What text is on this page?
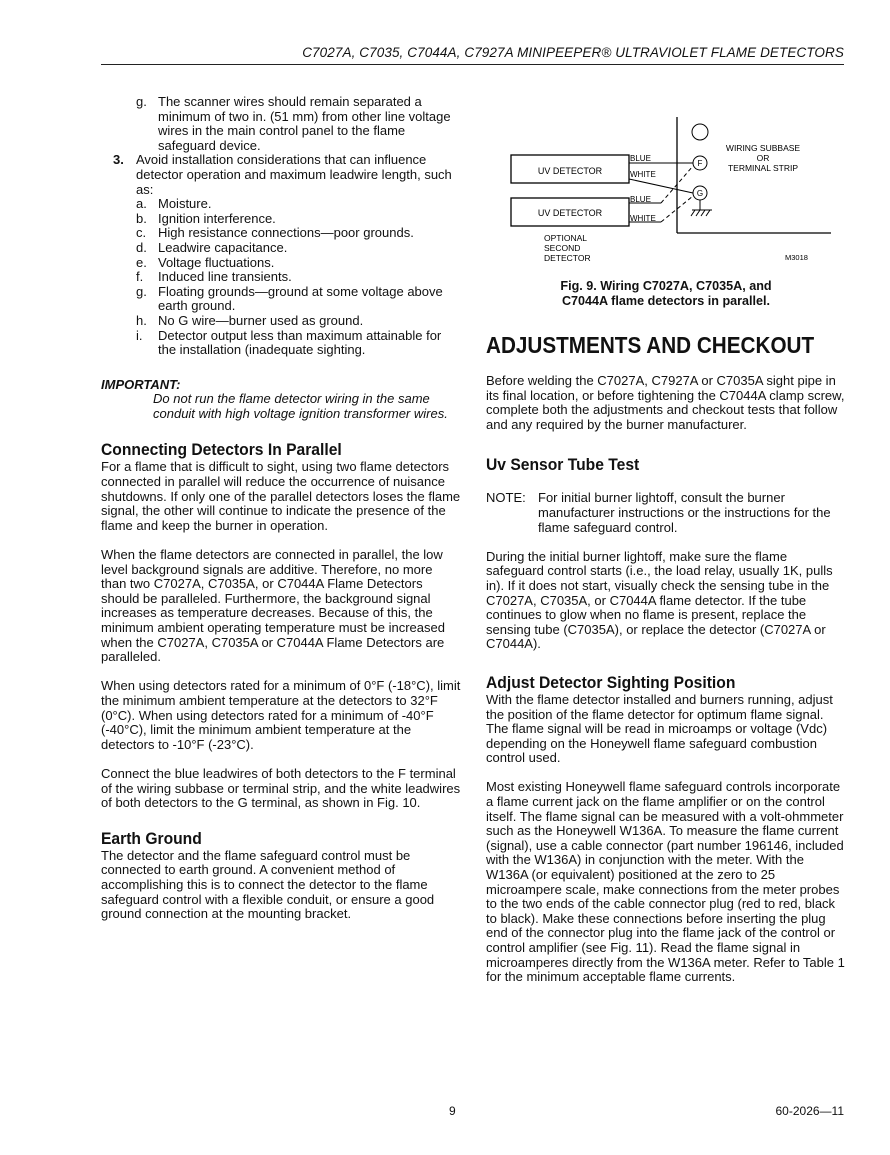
C7027A, C7035, C7044A, C7927A MINIPEEPER® ULTRAVIOLET FLAME DETECTORS
g. The scanner wires should remain separated a minimum of two in. (51 mm) from other line voltage wires in the main control panel to the flame safeguard device.
3. Avoid installation considerations that can influence detector operation and maximum leadwire length, such as:
a. Moisture.
b. Ignition interference.
c. High resistance connections—poor grounds.
d. Leadwire capacitance.
e. Voltage fluctuations.
f.	Induced line transients.
g. Floating grounds—ground at some voltage above earth ground.
h. No G wire—burner used as ground.
i.	Detector output less than maximum attainable for the installation (inadequate sighting.
IMPORTANT:
Do not run the flame detector wiring in the same conduit with high voltage ignition transformer wires.
Connecting Detectors In Parallel

For a flame that is difficult to sight, using two flame detectors connected in parallel will reduce the occurrence of nuisance shutdowns. If only one of the parallel detectors loses the flame signal, the other will continue to indicate the presence of the flame and keep the burner in operation.

When the flame detectors are connected in parallel, the low level background signals are additive. Therefore, no more than two C7027A, C7035A, or C7044A Flame Detectors should be paralleled. Furthermore, the background signal increases as temperature decreases. Because of this, the minimum ambient operating temperature must be increased when the C7027A, C7035A or C7044A Flame Detectors are paralleled.

When using detectors rated for a minimum of 0°F (-18°C), limit the minimum ambient temperature at the detectors to 32°F (0°C). When using detectors rated for a minimum of -40°F (-40°C), limit the minimum ambient temperature at the detectors to -10°F (-23°C).

Connect the blue leadwires of both detectors to the F terminal of the wiring subbase or terminal strip, and the white leadwires of both detectors to the G terminal, as shown in Fig. 10.

Earth Ground

The detector and the flame safeguard control must be connected to earth ground. A convenient method of accomplishing this is to connect the detector to the flame safeguard control with a flexible conduit, or ensure a good ground connection at the mounting bracket.

UV DETECTOR
UV DETECTOR
F
G
BLUE
WHITE
BLUE
WHITE
WIRING SUBBASE
OR
TERMINAL STRIP
OPTIONAL
SECOND
DETECTOR	M3018
Fig. 9. Wiring C7027A, C7035A, and
C7044A flame detectors in parallel.
ADJUSTMENTS AND CHECKOUT

Before welding the C7027A, C7927A or C7035A sight pipe in its final location, or before tightening the C7044A clamp screw, complete both the adjustments and checkout tests that follow and any required by the burner manufacturer.

Uv Sensor Tube Test
NOTE: For initial burner lightoff, consult the burner manufacturer instructions or the instructions for the flame safeguard control.

During the initial burner lightoff, make sure the flame safeguard control starts (i.e., the load relay, usually 1K, pulls in). If it does not start, visually check the sensing tube in the C7027A, C7035A, or C7044A flame detector. If the tube continues to glow when no flame is present, replace the sensing tube (C7035A), or replace the detector (C7027A or C7044A).

Adjust Detector Sighting Position

With the flame detector installed and burners running, adjust the position of the flame detector for optimum flame signal. The flame signal will be read in microamps or voltage (Vdc) depending on the Honeywell flame safeguard combustion control used.

Most existing Honeywell flame safeguard controls incorporate a flame current jack on the flame amplifier or on the control itself. The flame signal can be measured with a volt-ohmmeter such as the Honeywell W136A. To measure the flame current (signal), use a cable connector (part number 196146, included with the W136A) in conjunction with the meter. With the W136A (or equivalent) positioned at the zero to 25 microampere scale, make connections from the meter probes to the two ends of the cable connector plug (red to red, black to black). Make these connections before inserting the plug end of the connector plug into the flame jack of the control or control amplifier (see Fig. 11). Read the flame signal in microamperes directly from the W136A meter. Refer to Table 1 for the minimum acceptable flame currents.

9	60-2026—11
